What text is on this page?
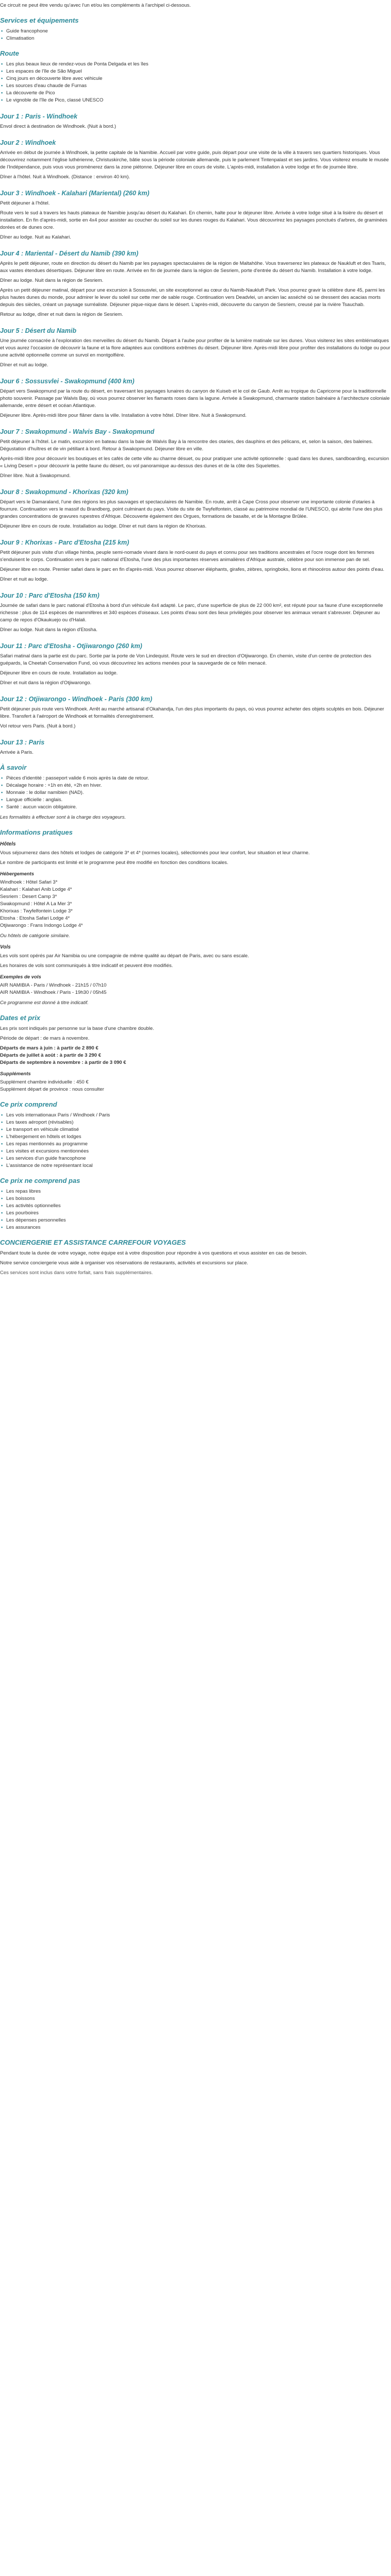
Ce circuit ne peut être vendu qu'avec l'un et/ou les compléments à l'archipel ci-dessous.

Services et équipements
• Guide francophone
• Climatisation
Route
• Les plus beaux lieux de rendez-vous de Ponta Delgada et les îles
• Les espaces de l'île de São Miguel
• Cinq jours en découverte libre avec véhicule
• Les sources d'eau chaude de Furnas
• La découverte de Pico
• Le vignoble de l'île de Pico, classé UNESCO
Jour 1 : Paris - Windhoek

Envol direct à destination de Windhoek. (Nuit à bord.)

Jour 2 : Windhoek

Arrivée en début de journée à Windhoek, la petite capitale de la Namibie. Accueil par votre guide, puis départ pour une visite de la ville à travers ses quartiers historiques. Vous découvrirez notamment l'église luthérienne, Christuskirche, bâtie sous la période coloniale allemande, puis le parlement Tintenpalast et ses jardins. Vous visiterez ensuite le musée de l'Indépendance, puis vous vous promènerez dans la zone piétonne. Déjeuner libre en cours de visite. L'après-midi, installation à votre lodge et fin de journée libre.

Dîner à l'hôtel. Nuit à Windhoek. (Distance : environ 40 km).

Jour 3 : Windhoek - Kalahari (Mariental) (260 km)

Petit déjeuner à l'hôtel.

Route vers le sud à travers les hauts plateaux de Namibie jusqu'au désert du Kalahari. En chemin, halte pour le déjeuner libre. Arrivée à votre lodge situé à la lisière du désert et installation. En fin d'après-midi, sortie en 4x4 pour assister au coucher du soleil sur les dunes rouges du Kalahari. Vous découvrirez les paysages ponctués d'arbres, de graminées dorées et de dunes ocre.

Dîner au lodge. Nuit au Kalahari.

Jour 4 : Mariental - Désert du Namib (390 km)

Après le petit déjeuner, route en direction du désert du Namib par les paysages spectaculaires de la région de Maltahöhe. Vous traverserez les plateaux de Naukluft et des Tsaris, aux vastes étendues désertiques. Déjeuner libre en route. Arrivée en fin de journée dans la région de Sesriem, porte d'entrée du désert du Namib. Installation à votre lodge.

Dîner au lodge. Nuit dans la région de Sesriem.

Après un petit déjeuner matinal, départ pour une excursion à Sossusvlei, un site exceptionnel au cœur du Namib-Naukluft Park. Vous pourrez gravir la célèbre dune 45, parmi les plus hautes dunes du monde, pour admirer le lever du soleil sur cette mer de sable rouge. Continuation vers Deadvlei, un ancien lac asséché où se dressent des acacias morts depuis des siècles, créant un paysage surréaliste. Déjeuner pique-nique dans le désert. L'après-midi, découverte du canyon de Sesriem, creusé par la rivière Tsauchab.

Retour au lodge, dîner et nuit dans la région de Sesriem.

Jour 5 : Désert du Namib

Une journée consacrée à l'exploration des merveilles du désert du Namib. Départ à l'aube pour profiter de la lumière matinale sur les dunes. Vous visiterez les sites emblématiques et vous aurez l'occasion de découvrir la faune et la flore adaptées aux conditions extrêmes du désert. Déjeuner libre. Après-midi libre pour profiter des installations du lodge ou pour une activité optionnelle comme un survol en montgolfière.

Dîner et nuit au lodge.

Jour 6 : Sossusvlei - Swakopmund (400 km)

Départ vers Swakopmund par la route du désert, en traversant les paysages lunaires du canyon de Kuiseb et le col de Gaub. Arrêt au tropique du Capricorne pour la traditionnelle photo souvenir. Passage par Walvis Bay, où vous pourrez observer les flamants roses dans la lagune. Arrivée à Swakopmund, charmante station balnéaire à l'architecture coloniale allemande, entre désert et océan Atlantique.

Déjeuner libre. Après-midi libre pour flâner dans la ville. Installation à votre hôtel. Dîner libre. Nuit à Swakopmund.

Jour 7 : Swakopmund - Walvis Bay - Swakopmund

Petit déjeuner à l'hôtel. Le matin, excursion en bateau dans la baie de Walvis Bay à la rencontre des otaries, des dauphins et des pélicans, et, selon la saison, des baleines. Dégustation d'huîtres et de vin pétillant à bord. Retour à Swakopmund. Déjeuner libre en ville.

Après-midi libre pour découvrir les boutiques et les cafés de cette ville au charme désuet, ou pour pratiquer une activité optionnelle : quad dans les dunes, sandboarding, excursion « Living Desert » pour découvrir la petite faune du désert, ou vol panoramique au-dessus des dunes et de la côte des Squelettes.

Dîner libre. Nuit à Swakopmund.

Jour 8 : Swakopmund - Khorixas (320 km)

Départ vers le Damaraland, l'une des régions les plus sauvages et spectaculaires de Namibie. En route, arrêt à Cape Cross pour observer une importante colonie d'otaries à fourrure. Continuation vers le massif du Brandberg, point culminant du pays. Visite du site de Twyfelfontein, classé au patrimoine mondial de l'UNESCO, qui abrite l'une des plus grandes concentrations de gravures rupestres d'Afrique. Découverte également des Orgues, formations de basalte, et de la Montagne Brûlée.

Déjeuner libre en cours de route. Installation au lodge. Dîner et nuit dans la région de Khorixas.

Jour 9 : Khorixas - Parc d'Etosha (215 km)

Petit déjeuner puis visite d'un village himba, peuple semi-nomade vivant dans le nord-ouest du pays et connu pour ses traditions ancestrales et l'ocre rouge dont les femmes s'enduisent le corps. Continuation vers le parc national d'Etosha, l'une des plus importantes réserves animalières d'Afrique australe, célèbre pour son immense pan de sel.

Déjeuner libre en route. Premier safari dans le parc en fin d'après-midi. Vous pourrez observer éléphants, girafes, zèbres, springboks, lions et rhinocéros autour des points d'eau.

Dîner et nuit au lodge.

Jour 10 : Parc d'Etosha (150 km)

Journée de safari dans le parc national d'Etosha à bord d'un véhicule 4x4 adapté. Le parc, d'une superficie de plus de 22 000 km², est réputé pour sa faune d'une exceptionnelle richesse : plus de 114 espèces de mammifères et 340 espèces d'oiseaux. Les points d'eau sont des lieux privilégiés pour observer les animaux venant s'abreuver. Déjeuner au camp de repos d'Okaukuejo ou d'Halali.

Dîner au lodge. Nuit dans la région d'Etosha.

Jour 11 : Parc d'Etosha - Otjiwarongo (260 km)

Safari matinal dans la partie est du parc. Sortie par la porte de Von Lindequist. Route vers le sud en direction d'Otjiwarongo. En chemin, visite d'un centre de protection des guépards, la Cheetah Conservation Fund, où vous découvrirez les actions menées pour la sauvegarde de ce félin menacé.

Déjeuner libre en cours de route. Installation au lodge.

Dîner et nuit dans la région d'Otjiwarongo.

Jour 12 : Otjiwarongo - Windhoek - Paris (300 km)

Petit déjeuner puis route vers Windhoek. Arrêt au marché artisanal d'Okahandja, l'un des plus importants du pays, où vous pourrez acheter des objets sculptés en bois. Déjeuner libre. Transfert à l'aéroport de Windhoek et formalités d'enregistrement.

Vol retour vers Paris. (Nuit à bord.)

Jour 13 : Paris

Arrivée à Paris.

À savoir
• Pièces d'identité : passeport valide 6 mois après la date de retour.
• Décalage horaire : +1h en été, +2h en hiver.
• Monnaie : le dollar namibien (NAD).
• Langue officielle : anglais.
• Santé : aucun vaccin obligatoire.

Les formalités à effectuer sont à la charge des voyageurs.

Informations pratiques
Hôtels

Vous séjournerez dans des hôtels et lodges de catégorie 3* et 4* (normes locales), sélectionnés pour leur confort, leur situation et leur charme.

Le nombre de participants est limité et le programme peut être modifié en fonction des conditions locales.

Hébergements
Windhoek : Hôtel Safari 3*
Kalahari : Kalahari Anib Lodge 4*
Sesriem : Desert Camp 3*
Swakopmund : Hôtel A La Mer 3*
Khorixas : Twyfelfontein Lodge 3*
Etosha : Etosha Safari Lodge 4*
Otjiwarongo : Frans Indongo Lodge 4*

Ou hôtels de catégorie similaire.

Vols

Les vols sont opérés par Air Namibia ou une compagnie de même qualité au départ de Paris, avec ou sans escale.

Les horaires de vols sont communiqués à titre indicatif et peuvent être modifiés.

Exemples de vols
AIR NAMIBIA - Paris / Windhoek - 21h15 / 07h10
AIR NAMIBIA - Windhoek / Paris - 19h30 / 05h45

Ce programme est donné à titre indicatif.

Dates et prix

Les prix sont indiqués par personne sur la base d'une chambre double.

Période de départ : de mars à novembre.

Départs de mars à juin : à partir de 2 890 €
Départs de juillet à août : à partir de 3 290 €
Départs de septembre à novembre : à partir de 3 090 €
Suppléments
Supplément chambre individuelle : 450 €
Supplément départ de province : nous consulter
Ce prix comprend
• Les vols internationaux Paris / Windhoek / Paris
• Les taxes aéroport (révisables)
• Le transport en véhicule climatisé
• L'hébergement en hôtels et lodges
• Les repas mentionnés au programme
• Les visites et excursions mentionnées
• Les services d'un guide francophone
• L'assistance de notre représentant local
Ce prix ne comprend pas
• Les repas libres
• Les boissons
• Les activités optionnelles
• Les pourboires
• Les dépenses personnelles
• Les assurances
CONCIERGERIE ET ASSISTANCE CARREFOUR VOYAGES

Pendant toute la durée de votre voyage, notre équipe est à votre disposition pour répondre à vos questions et vous assister en cas de besoin.

Notre service conciergerie vous aide à organiser vos réservations de restaurants, activités et excursions sur place.

Ces services sont inclus dans votre forfait, sans frais supplémentaires.
